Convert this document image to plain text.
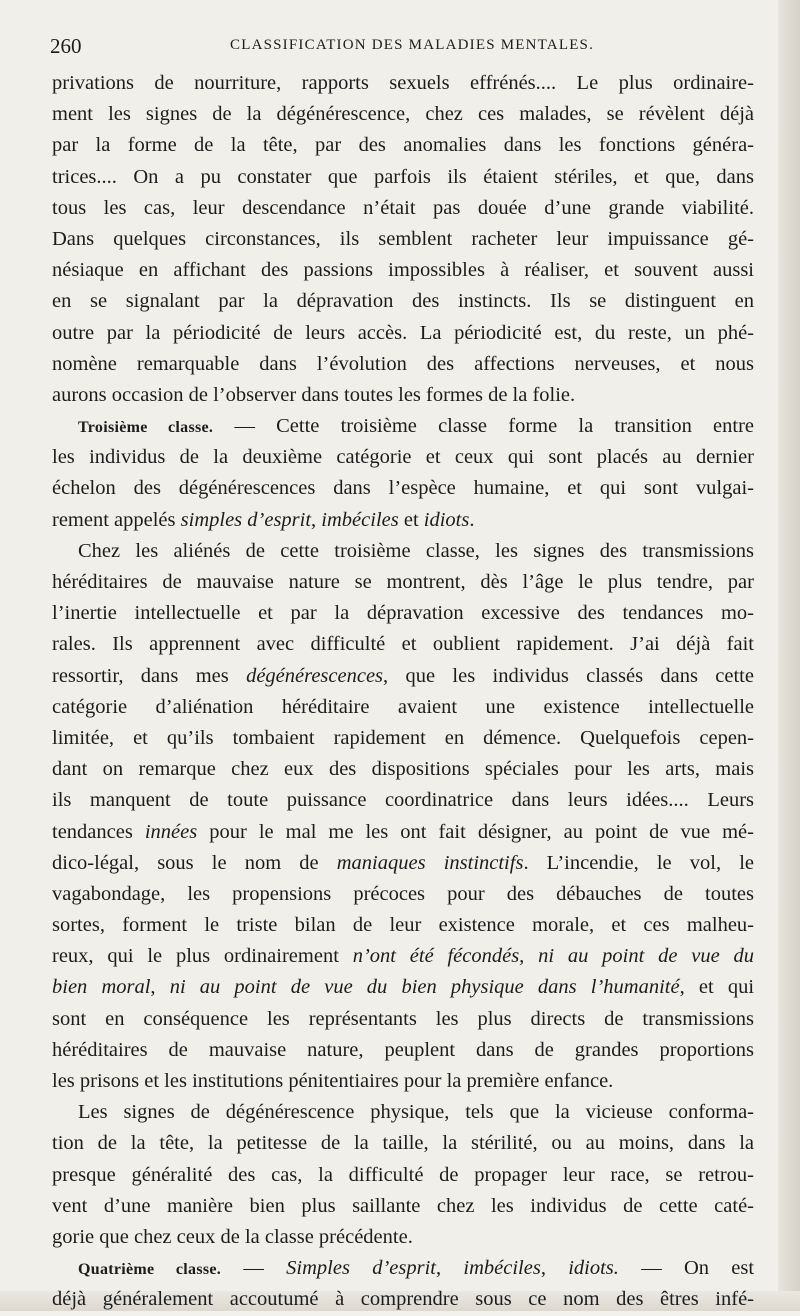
260	CLASSIFICATION DES MALADIES MENTALES.
privations de nourriture, rapports sexuels effrénés.... Le plus ordinaire-
ment les signes de la dégénérescence, chez ces malades, se révèlent déjà
par la forme de la tête, par des anomalies dans les fonctions généra-
trices.... On a pu constater que parfois ils étaient stériles, et que, dans
tous les cas, leur descendance n’était pas douée d’une grande viabilité.
Dans quelques circonstances, ils semblent racheter leur impuissance gé-
nésiaque en affichant des passions impossibles à réaliser, et souvent aussi
en se signalant par la dépravation des instincts. Ils se distinguent en
outre par la périodicité de leurs accès. La périodicité est, du reste, un phé-
nomène remarquable dans l’évolution des affections nerveuses, et nous
aurons occasion de l’observer dans toutes les formes de la folie.
Troisième classe. — Cette troisième classe forme la transition entre
les individus de la deuxième catégorie et ceux qui sont placés au dernier
échelon des dégénérescences dans l’espèce humaine, et qui sont vulgai-
rement appelés simples d’esprit, imbéciles et idiots.
Chez les aliénés de cette troisième classe, les signes des transmissions
héréditaires de mauvaise nature se montrent, dès l’âge le plus tendre, par
l’inertie intellectuelle et par la dépravation excessive des tendances mo-
rales. Ils apprennent avec difficulté et oublient rapidement. J’ai déjà fait
ressortir, dans mes dégénérescences, que les individus classés dans cette
catégorie d’aliénation héréditaire avaient une existence intellectuelle
limitée, et qu’ils tombaient rapidement en démence. Quelquefois cepen-
dant on remarque chez eux des dispositions spéciales pour les arts, mais
ils manquent de toute puissance coordinatrice dans leurs idées.... Leurs
tendances innées pour le mal me les ont fait désigner, au point de vue mé-
dico-légal, sous le nom de maniaques instinctifs. L’incendie, le vol, le
vagabondage, les propensions précoces pour des débauches de toutes
sortes, forment le triste bilan de leur existence morale, et ces malheu-
reux, qui le plus ordinairement n’ont été fécondés, ni au point de vue du
bien moral, ni au point de vue du bien physique dans l’humanité, et qui
sont en conséquence les représentants les plus directs de transmissions
héréditaires de mauvaise nature, peuplent dans de grandes proportions
les prisons et les institutions pénitentiaires pour la première enfance.
Les signes de dégénérescence physique, tels que la vicieuse conforma-
tion de la tête, la petitesse de la taille, la stérilité, ou au moins, dans la
presque généralité des cas, la difficulté de propager leur race, se retrou-
vent d’une manière bien plus saillante chez les individus de cette caté-
gorie que chez ceux de la classe précédente.
Quatrième classe. — Simples d’esprit, imbéciles, idiots. — On est
déjà généralement accoutumé à comprendre sous ce nom des êtres infé-
